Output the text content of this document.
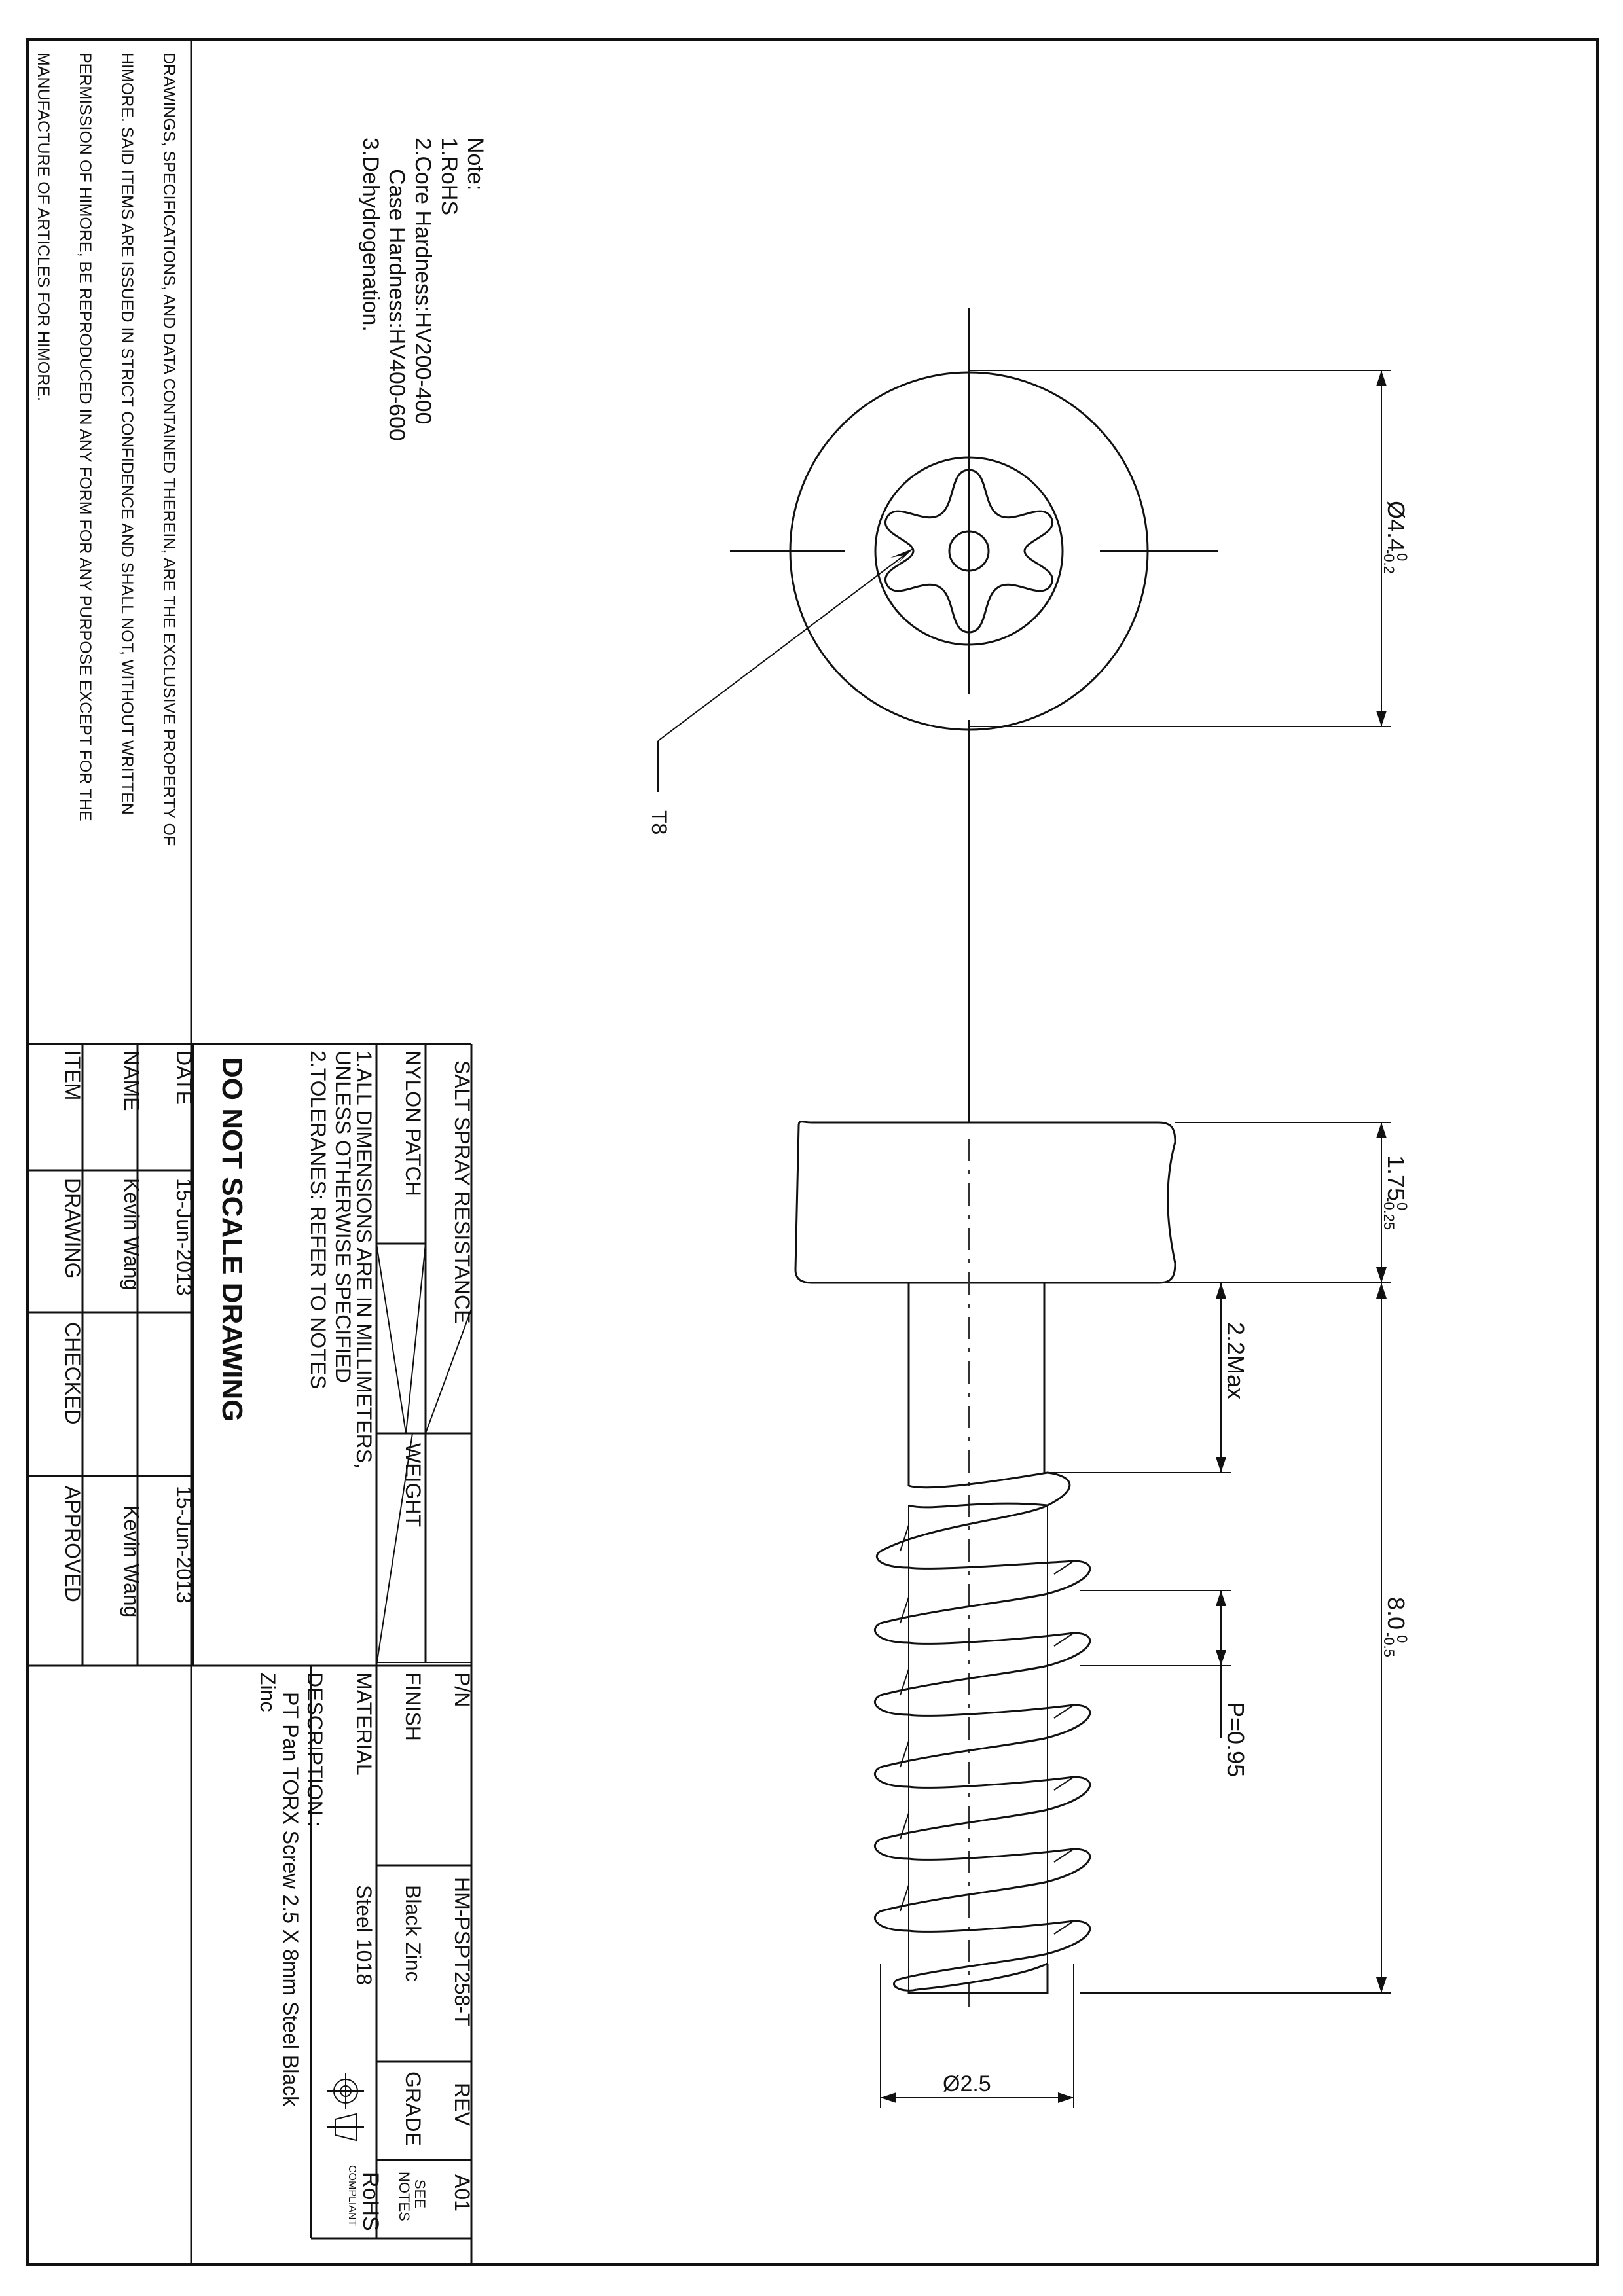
Note:
1.RoHS
2.Core Hardness:HV200-400
Case Hardness:HV400-600
3.Dehydrogenation.
DRAWINGS, SPECIFICATIONS, AND DATA CONTAINED THEREIN, ARE THE EXCLUSIVE PROPERTY OF
HIMORE. SAID ITEMS ARE ISSUED IN STRICT CONFIDENCE AND SHALL NOT, WITHOUT WRITTEN
PERMISSION OF HIMORE, BE REPRODUCED IN ANY FORM FOR ANY PURPOSE EXCEPT FOR THE
MANUFACTURE OF ARTICLES FOR HIMORE.
SALT SPRAY RESISTANCE
NYLON PATCH
WEIGHT
P/N
HM-PSPT258-T
REV
A01
FINISH
Black Zinc
GRADE
SEE
NOTES
MATERIAL
Steel 1018
RoHS
COMPLIANT
DESCRIPTION :
PT Pan TORX Screw 2.5 X 8mm Steel Black
Zinc
1.ALL DIMENSIONS ARE IN MILLIMETERS,
UNLESS OTHERWISE SPECIFIED
2.TOLERANES: REFER TO NOTES
DO NOT SCALE DRAWING
DATE
15-Jun-2013
15-Jun-2013
NAME
Kevin Wang
Kevin Wang
ITEM
DRAWING
CHECKED
APPROVED
T8
Ø4.4
0
-0.2
1.75
0
-0.25
8.0
0
-0.5
2.2Max
P=0.95
Ø2.5
